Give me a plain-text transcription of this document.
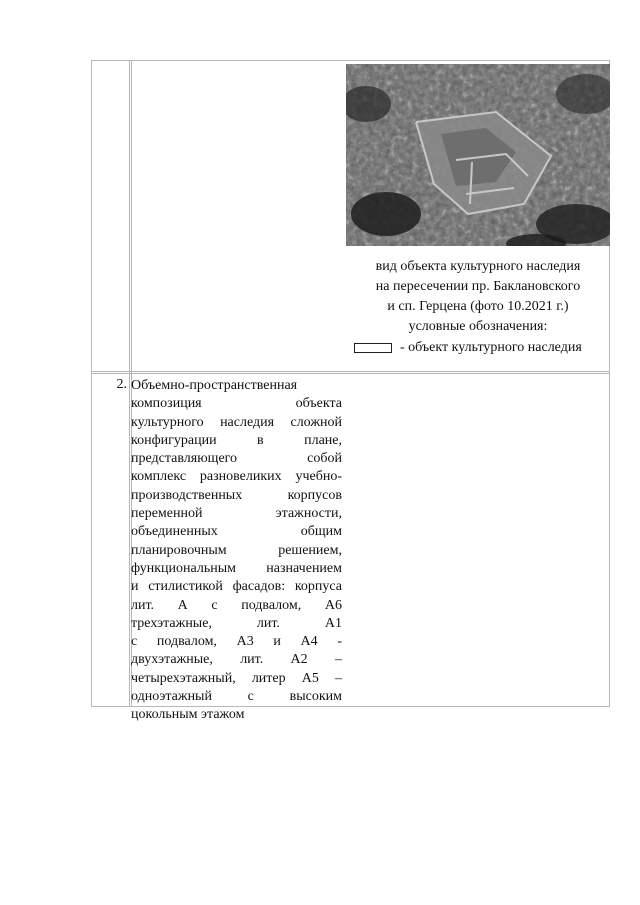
вид объекта культурного наследия
на пересечении пр. Баклановского
и сп. Герцена (фото 10.2021 г.)
условные обозначения:
- объект культурного наследия
2. Объемно-пространственная

композиция объекта

культурного наследия сложной

конфигурации в плане,

представляющего собой

комплекс разновеликих учебно-

производственных корпусов

переменной этажности,

объединенных общим

планировочным решением,

функциональным назначением

и стилистикой фасадов: корпуса

лит. А с подвалом, А6

трехэтажные, лит. А1

с подвалом, А3 и А4 -

двухэтажные, лит. А2 –

четырехэтажный, литер А5 –

одноэтажный с высоким

цокольным этажом
